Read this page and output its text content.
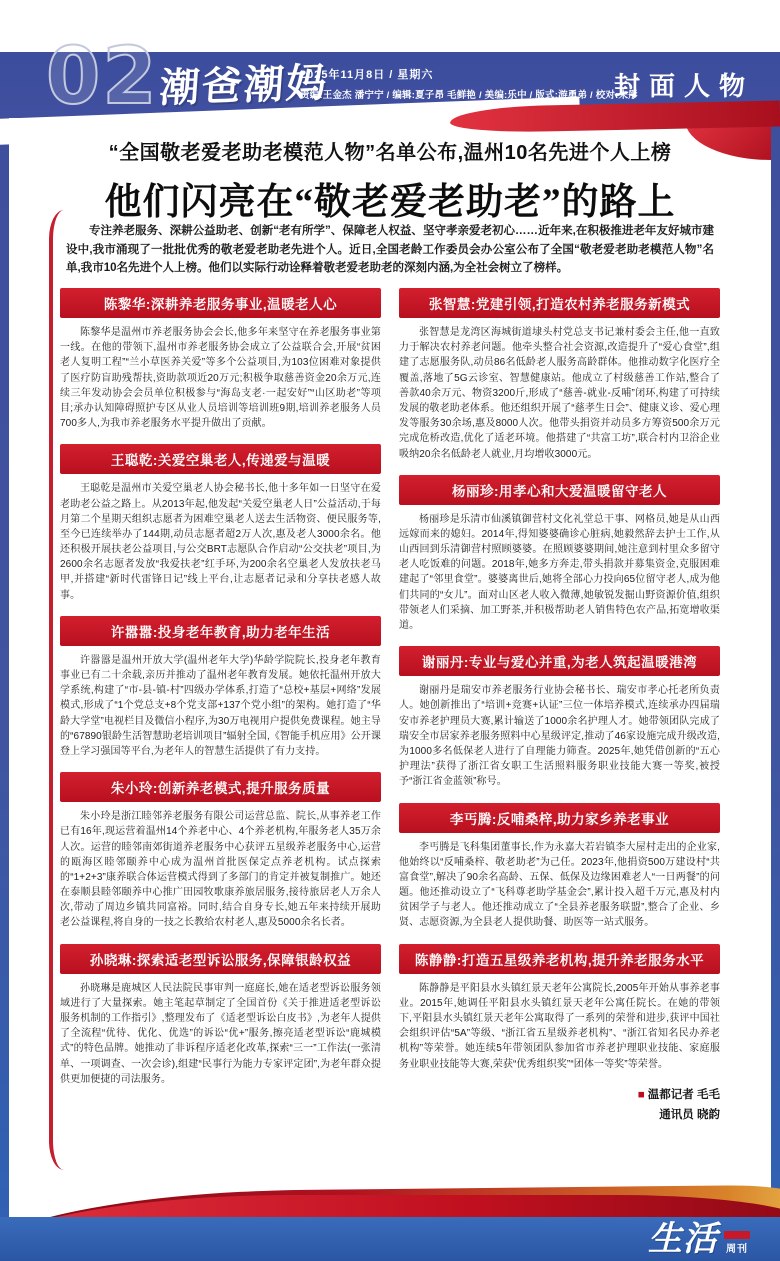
02 潮爸潮妈
2025年11月8日 / 星期六
责编:王金杰 潘宁宁 / 编辑:夏子昂 毛鲜艳 / 美编:乐中 / 版式:游勇弟 / 校对:朱彤
封面人物
“全国敬老爱老助老模范人物”名单公布,温州10名先进个人上榜
他们闪亮在“敬老爱老助老”的路上
专注养老服务、深耕公益助老、创新“老有所学”、保障老人权益、坚守孝亲爱老初心……近年来,在积极推进老年友好城市建设中,我市涌现了一批批优秀的敬老爱老助老先进个人。近日,全国老龄工作委员会办公室公布了全国“敬老爱老助老模范人物”名单,我市10名先进个人上榜。他们以实际行动诠释着敬老爱老助老的深刻内涵,为全社会树立了榜样。
陈黎华:深耕养老服务事业,温暖老人心
陈黎华是温州市养老服务协会会长,他多年来坚守在养老服务事业第一线。在他的带领下,温州市养老服务协会成立了公益联合会,开展“贫困老人复明工程”“兰小草医养关爱”等多个公益项目,为103位困难对象提供了医疗防盲助残帮扶,资助款项近20万元;积极争取慈善资金20余万元,连续三年发动协会会员单位积极参与“海岛支老·一起安好”“山区助老”等项目;承办认知障碍照护专区从业人员培训等培训班9期,培训养老服务人员700多人,为我市养老服务水平提升做出了贡献。
王聪乾:关爱空巢老人,传递爱与温暖
王聪乾是温州市关爱空巢老人协会秘书长,他十多年如一日坚守在爱老助老公益之路上。从2013年起,他发起“关爱空巢老人日”公益活动,于每月第二个星期天组织志愿者为困难空巢老人送去生活物资、便民服务等,至今已连续举办了144期,动员志愿者超2万人次,惠及老人3000余名。他还积极开展扶老公益项目,与公交BRT志愿队合作启动“公交扶老”项目,为2600余名志愿者发放“我爱扶老”红手环,为200余名空巢老人发放扶老马甲,并搭建“新时代雷锋日记”线上平台,让志愿者记录和分享扶老感人故事。
许嚣嚣:投身老年教育,助力老年生活
许嚣嚣是温州开放大学(温州老年大学)华龄学院院长,投身老年教育事业已有二十余载,亲历并推动了温州老年教育发展。她依托温州开放大学系统,构建了“市-县-镇-村”四级办学体系,打造了“总校+基层+网络”发展模式,形成了“1个党总支+8个党支部+137个党小组”的架构。她打造了“华龄大学堂”电视栏目及微信小程序,为30万电视用户提供免费课程。她主导的“67890银龄生活智慧助老培训项目”辐射全国,《智能手机应用》公开课登上学习强国等平台,为老年人的智慧生活提供了有力支持。
朱小玲:创新养老模式,提升服务质量
朱小玲是浙江睦邻养老服务有限公司运营总监、院长,从事养老工作已有16年,现运营着温州14个养老中心、4个养老机构,年服务老人35万余人次。运营的睦邻南郊街道养老服务中心获评五星级养老服务中心,运营的瓯海区睦邻颐养中心成为温州首批医保定点养老机构。试点探索的“1+2+3”康养联合体运营模式得到了多部门的肯定并被复制推广。她还在泰顺县睦邻颐养中心推广田园牧歌康养旅居服务,接待旅居老人万余人次,带动了周边乡镇共同富裕。同时,结合自身专长,她五年来持续开展助老公益课程,将自身的一技之长教给农村老人,惠及5000余名长者。
孙晓琳:探索适老型诉讼服务,保障银龄权益
孙晓琳是鹿城区人民法院民事审判一庭庭长,她在适老型诉讼服务领域进行了大量探索。她主笔起草制定了全国首份《关于推进适老型诉讼服务机制的工作指引》,整理发布了《适老型诉讼白皮书》,为老年人提供了全流程“优待、优化、优选”的诉讼“优+”服务,擦亮适老型诉讼“鹿城模式”的特色品牌。她推动了非诉程序适老化改革,探索“三一”工作法(一张清单、一项调查、一次会诊),组建“民事行为能力专家评定团”,为老年群众提供更加便捷的司法服务。
张智慧:党建引领,打造农村养老服务新模式
张智慧是龙湾区海城街道埭头村党总支书记兼村委会主任,他一直致力于解决农村养老问题。他牵头整合社会资源,改造提升了“爱心食堂”,组建了志愿服务队,动员86名低龄老人服务高龄群体。他推动数字化医疗全覆盖,落地了5G云诊室、智慧健康站。他成立了村级慈善工作站,整合了善款40余万元、物资3200斤,形成了“慈善-就业-反哺”闭环,构建了可持续发展的敬老助老体系。他还组织开展了“慈孝生日会”、健康义诊、爱心理发等服务30余场,惠及8000人次。他带头捐资并动员多方筹资500余万元完成危桥改造,优化了适老环境。他搭建了“共富工坊”,联合村内卫浴企业吸纳20余名低龄老人就业,月均增收3000元。
杨丽珍:用孝心和大爱温暖留守老人
杨丽珍是乐清市仙溪镇御营村文化礼堂总干事、网格员,她是从山西远嫁而来的媳妇。2014年,得知婆婆确诊心脏病,她毅然辞去护士工作,从山西回到乐清御营村照顾婆婆。在照顾婆婆期间,她注意到村里众多留守老人吃饭难的问题。2018年,她多方奔走,带头捐款并募集资金,克服困难建起了“邻里食堂”。婆婆离世后,她将全部心力投向65位留守老人,成为他们共同的“女儿”。面对山区老人收入微薄,她敏锐发掘山野资源价值,组织带领老人们采摘、加工野茶,并积极帮助老人销售特色农产品,拓宽增收渠道。
谢丽丹:专业与爱心并重,为老人筑起温暖港湾
谢丽丹是瑞安市养老服务行业协会秘书长、瑞安市孝心托老所负责人。她创新推出了“培训+竞赛+认证”三位一体培养模式,连续承办四届瑞安市养老护理员大赛,累计输送了1000余名护理人才。她带领团队完成了瑞安全市居家养老服务照料中心星级评定,推动了46家设施完成升级改造,为1000多名低保老人进行了自理能力筛查。2025年,她凭借创新的“五心护理法”获得了浙江省女职工生活照料服务职业技能大赛一等奖,被授予“浙江省金蓝领”称号。
李丐腾:反哺桑梓,助力家乡养老事业
李丐腾是飞科集团董事长,作为永嘉大若岩镇李大屋村走出的企业家,他始终以“反哺桑梓、敬老助老”为己任。2023年,他捐资500万建设村“共富食堂”,解决了90余名高龄、五保、低保及边缘困难老人“一日两餐”的问题。他还推动设立了“飞科尊老助学基金会”,累计投入超千万元,惠及村内贫困学子与老人。他还推动成立了“全县养老服务联盟”,整合了企业、乡贤、志愿资源,为全县老人提供助餐、助医等一站式服务。
陈静静:打造五星级养老机构,提升养老服务水平
陈静静是平阳县水头镇红景天老年公寓院长,2005年开始从事养老事业。2015年,她调任平阳县水头镇红景天老年公寓任院长。在她的带领下,平阳县水头镇红景天老年公寓取得了一系列的荣誉和进步,获评中国社会组织评估“5A”等级、“浙江省五星级养老机构”、“浙江省知名民办养老机构”等荣誉。她连续5年带领团队参加省市养老护理职业技能、家庭服务业职业技能等大赛,荣获“优秀组织奖”“团体一等奖”等荣誉。
■ 温都记者 毛毛
通讯员 晓韵
生活 周刊
